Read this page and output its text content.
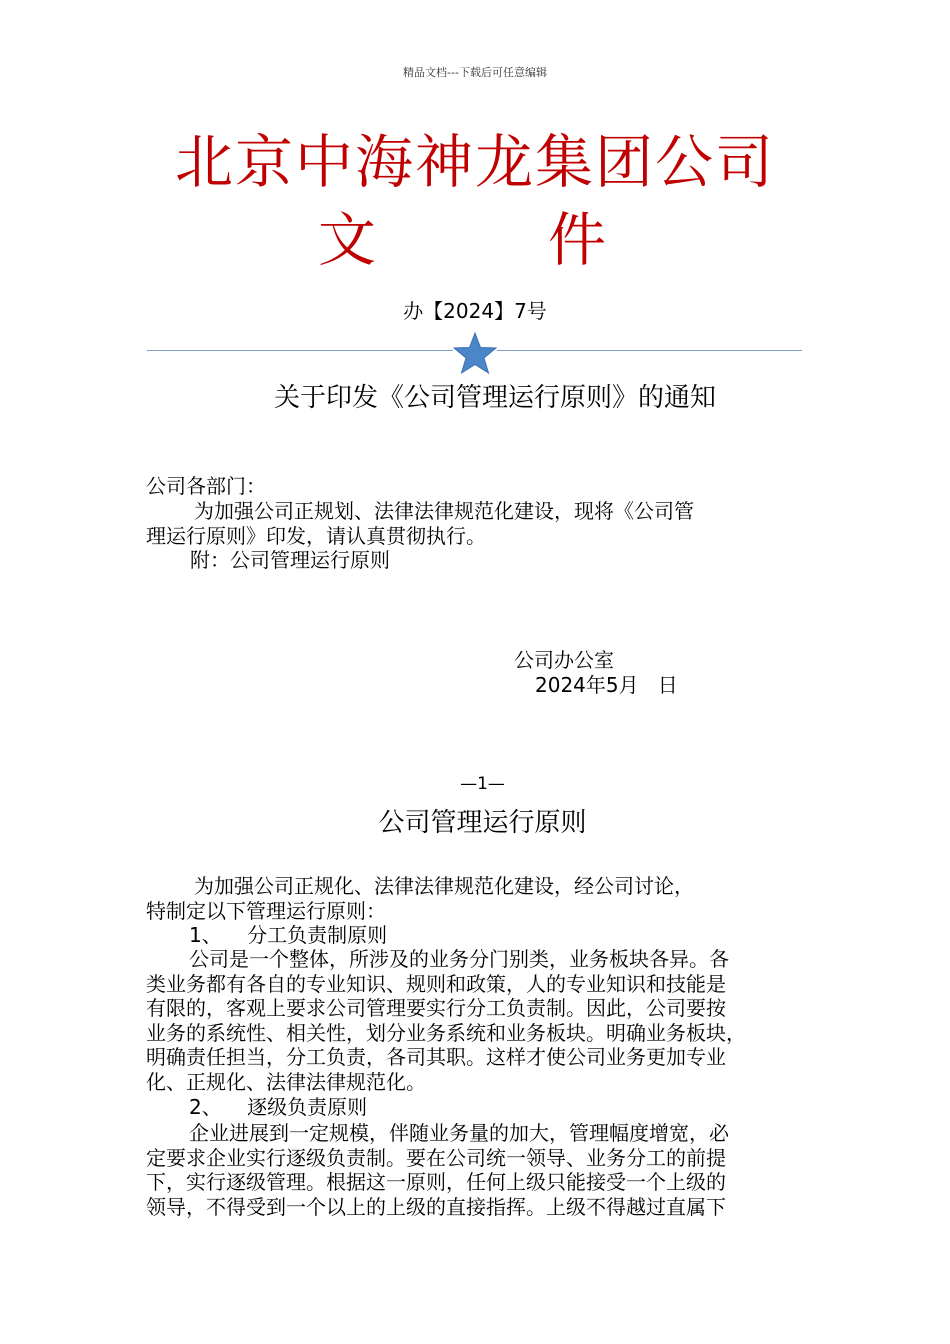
精品文档---下载后可任意编辑
北京中海神龙集团公司
文	件
办【2024】7号
关于印发《公司管理运行原则》的通知
公司各部门：
为加强公司正规划、法律法律规范化建设，现将《公司管
理运行原则》印发，请认真贯彻执行。
附：公司管理运行原则
公司办公室
2024年5月   日
—1—
公司管理运行原则
为加强公司正规化、法律法律规范化建设，经公司讨论，
特制定以下管理运行原则：
1、    分工负责制原则
公司是一个整体，所涉及的业务分门别类，业务板块各异。各
类业务都有各自的专业知识、规则和政策，人的专业知识和技能是
有限的，客观上要求公司管理要实行分工负责制。因此，公司要按
业务的系统性、相关性，划分业务系统和业务板块。明确业务板块，
明确责任担当，分工负责，各司其职。这样才使公司业务更加专业
化、正规化、法律法律规范化。
2、    逐级负责原则
企业进展到一定规模，伴随业务量的加大，管理幅度增宽，必
定要求企业实行逐级负责制。要在公司统一领导、业务分工的前提
下，实行逐级管理。根据这一原则，任何上级只能接受一个上级的
领导，不得受到一个以上的上级的直接指挥。上级不得越过直属下
